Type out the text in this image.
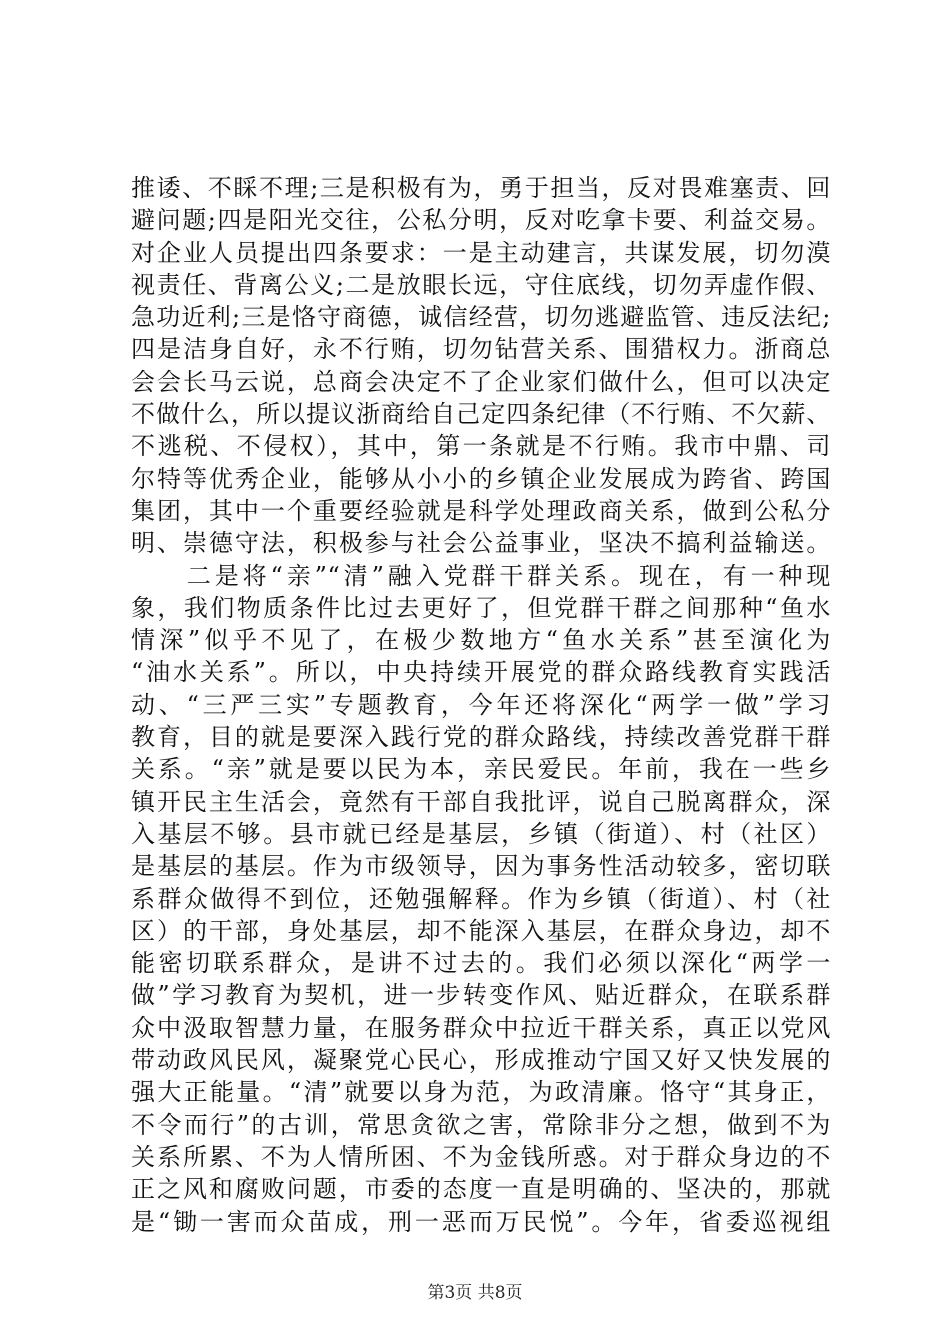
推诿、不睬不理;三是积极有为，勇于担当，反对畏难塞责、回
避问题;四是阳光交往，公私分明，反对吃拿卡要、利益交易。
对企业人员提出四条要求：一是主动建言，共谋发展，切勿漠
视责任、背离公义;二是放眼长远，守住底线，切勿弄虚作假、
急功近利;三是恪守商德，诚信经营，切勿逃避监管、违反法纪;
四是洁身自好，永不行贿，切勿钻营关系、围猎权力。浙商总
会会长马云说，总商会决定不了企业家们做什么，但可以决定
不做什么，所以提议浙商给自己定四条纪律（不行贿、不欠薪、
不逃税、不侵权），其中，第一条就是不行贿。我市中鼎、司
尔特等优秀企业，能够从小小的乡镇企业发展成为跨省、跨国
集团，其中一个重要经验就是科学处理政商关系，做到公私分
明、崇德守法，积极参与社会公益事业，坚决不搞利益输送。
　　二是将“亲”“清”融入党群干群关系。现在，有一种现
象，我们物质条件比过去更好了，但党群干群之间那种“鱼水
情深”似乎不见了，在极少数地方“鱼水关系”甚至演化为
“油水关系”。所以，中央持续开展党的群众路线教育实践活
动、“三严三实”专题教育，今年还将深化“两学一做”学习
教育，目的就是要深入践行党的群众路线，持续改善党群干群
关系。“亲”就是要以民为本，亲民爱民。年前，我在一些乡
镇开民主生活会，竟然有干部自我批评，说自己脱离群众，深
入基层不够。县市就已经是基层，乡镇（街道）、村（社区）
是基层的基层。作为市级领导，因为事务性活动较多，密切联
系群众做得不到位，还勉强解释。作为乡镇（街道）、村（社
区）的干部，身处基层，却不能深入基层，在群众身边，却不
能密切联系群众，是讲不过去的。我们必须以深化“两学一
做”学习教育为契机，进一步转变作风、贴近群众，在联系群
众中汲取智慧力量，在服务群众中拉近干群关系，真正以党风
带动政风民风，凝聚党心民心，形成推动宁国又好又快发展的
强大正能量。“清”就要以身为范，为政清廉。恪守“其身正，
不令而行”的古训，常思贪欲之害，常除非分之想，做到不为
关系所累、不为人情所困、不为金钱所惑。对于群众身边的不
正之风和腐败问题，市委的态度一直是明确的、坚决的，那就
是“锄一害而众苗成，刑一恶而万民悦”。今年，省委巡视组
第3页 共8页
